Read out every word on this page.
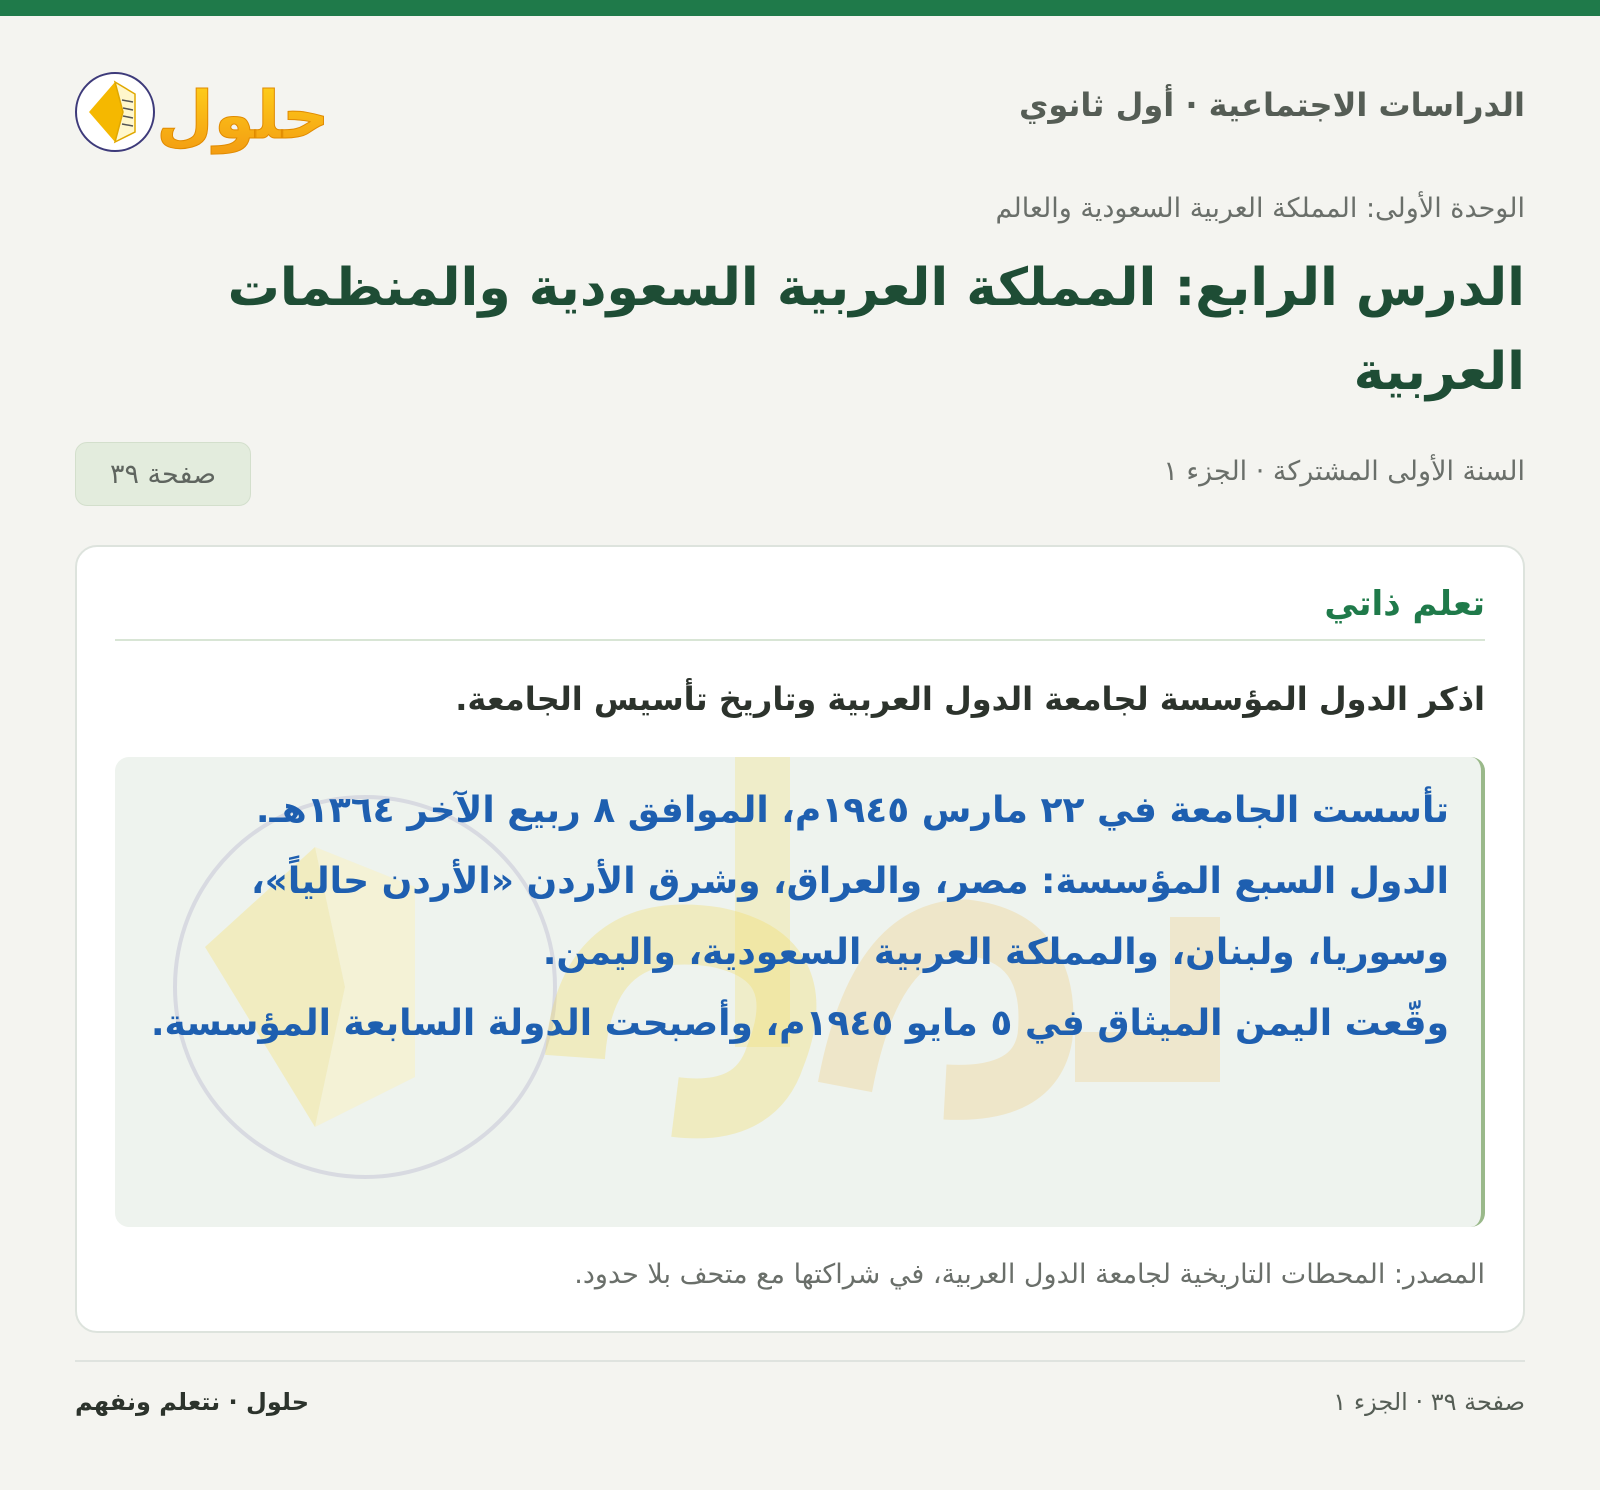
الدراسات الاجتماعية · أول ثانوي
حلول
الوحدة الأولى: المملكة العربية السعودية والعالم
الدرس الرابع: المملكة العربية السعودية والمنظمات العربية
السنة الأولى المشتركة · الجزء ١
صفحة ٣٩
تعلم ذاتي
اذكر الدول المؤسسة لجامعة الدول العربية وتاريخ تأسيس الجامعة.
تأسست الجامعة في ٢٢ مارس ١٩٤٥م، الموافق ٨ ربيع الآخر ١٣٦٤هـ.
الدول السبع المؤسسة: مصر، والعراق، وشرق الأردن «الأردن حالياً»، وسوريا، ولبنان، والمملكة العربية السعودية، واليمن.
وقّعت اليمن الميثاق في ٥ مايو ١٩٤٥م، وأصبحت الدولة السابعة المؤسسة.
المصدر: المحطات التاريخية لجامعة الدول العربية، في شراكتها مع متحف بلا حدود.
صفحة ٣٩ · الجزء ١
حلول · نتعلم ونفهم
